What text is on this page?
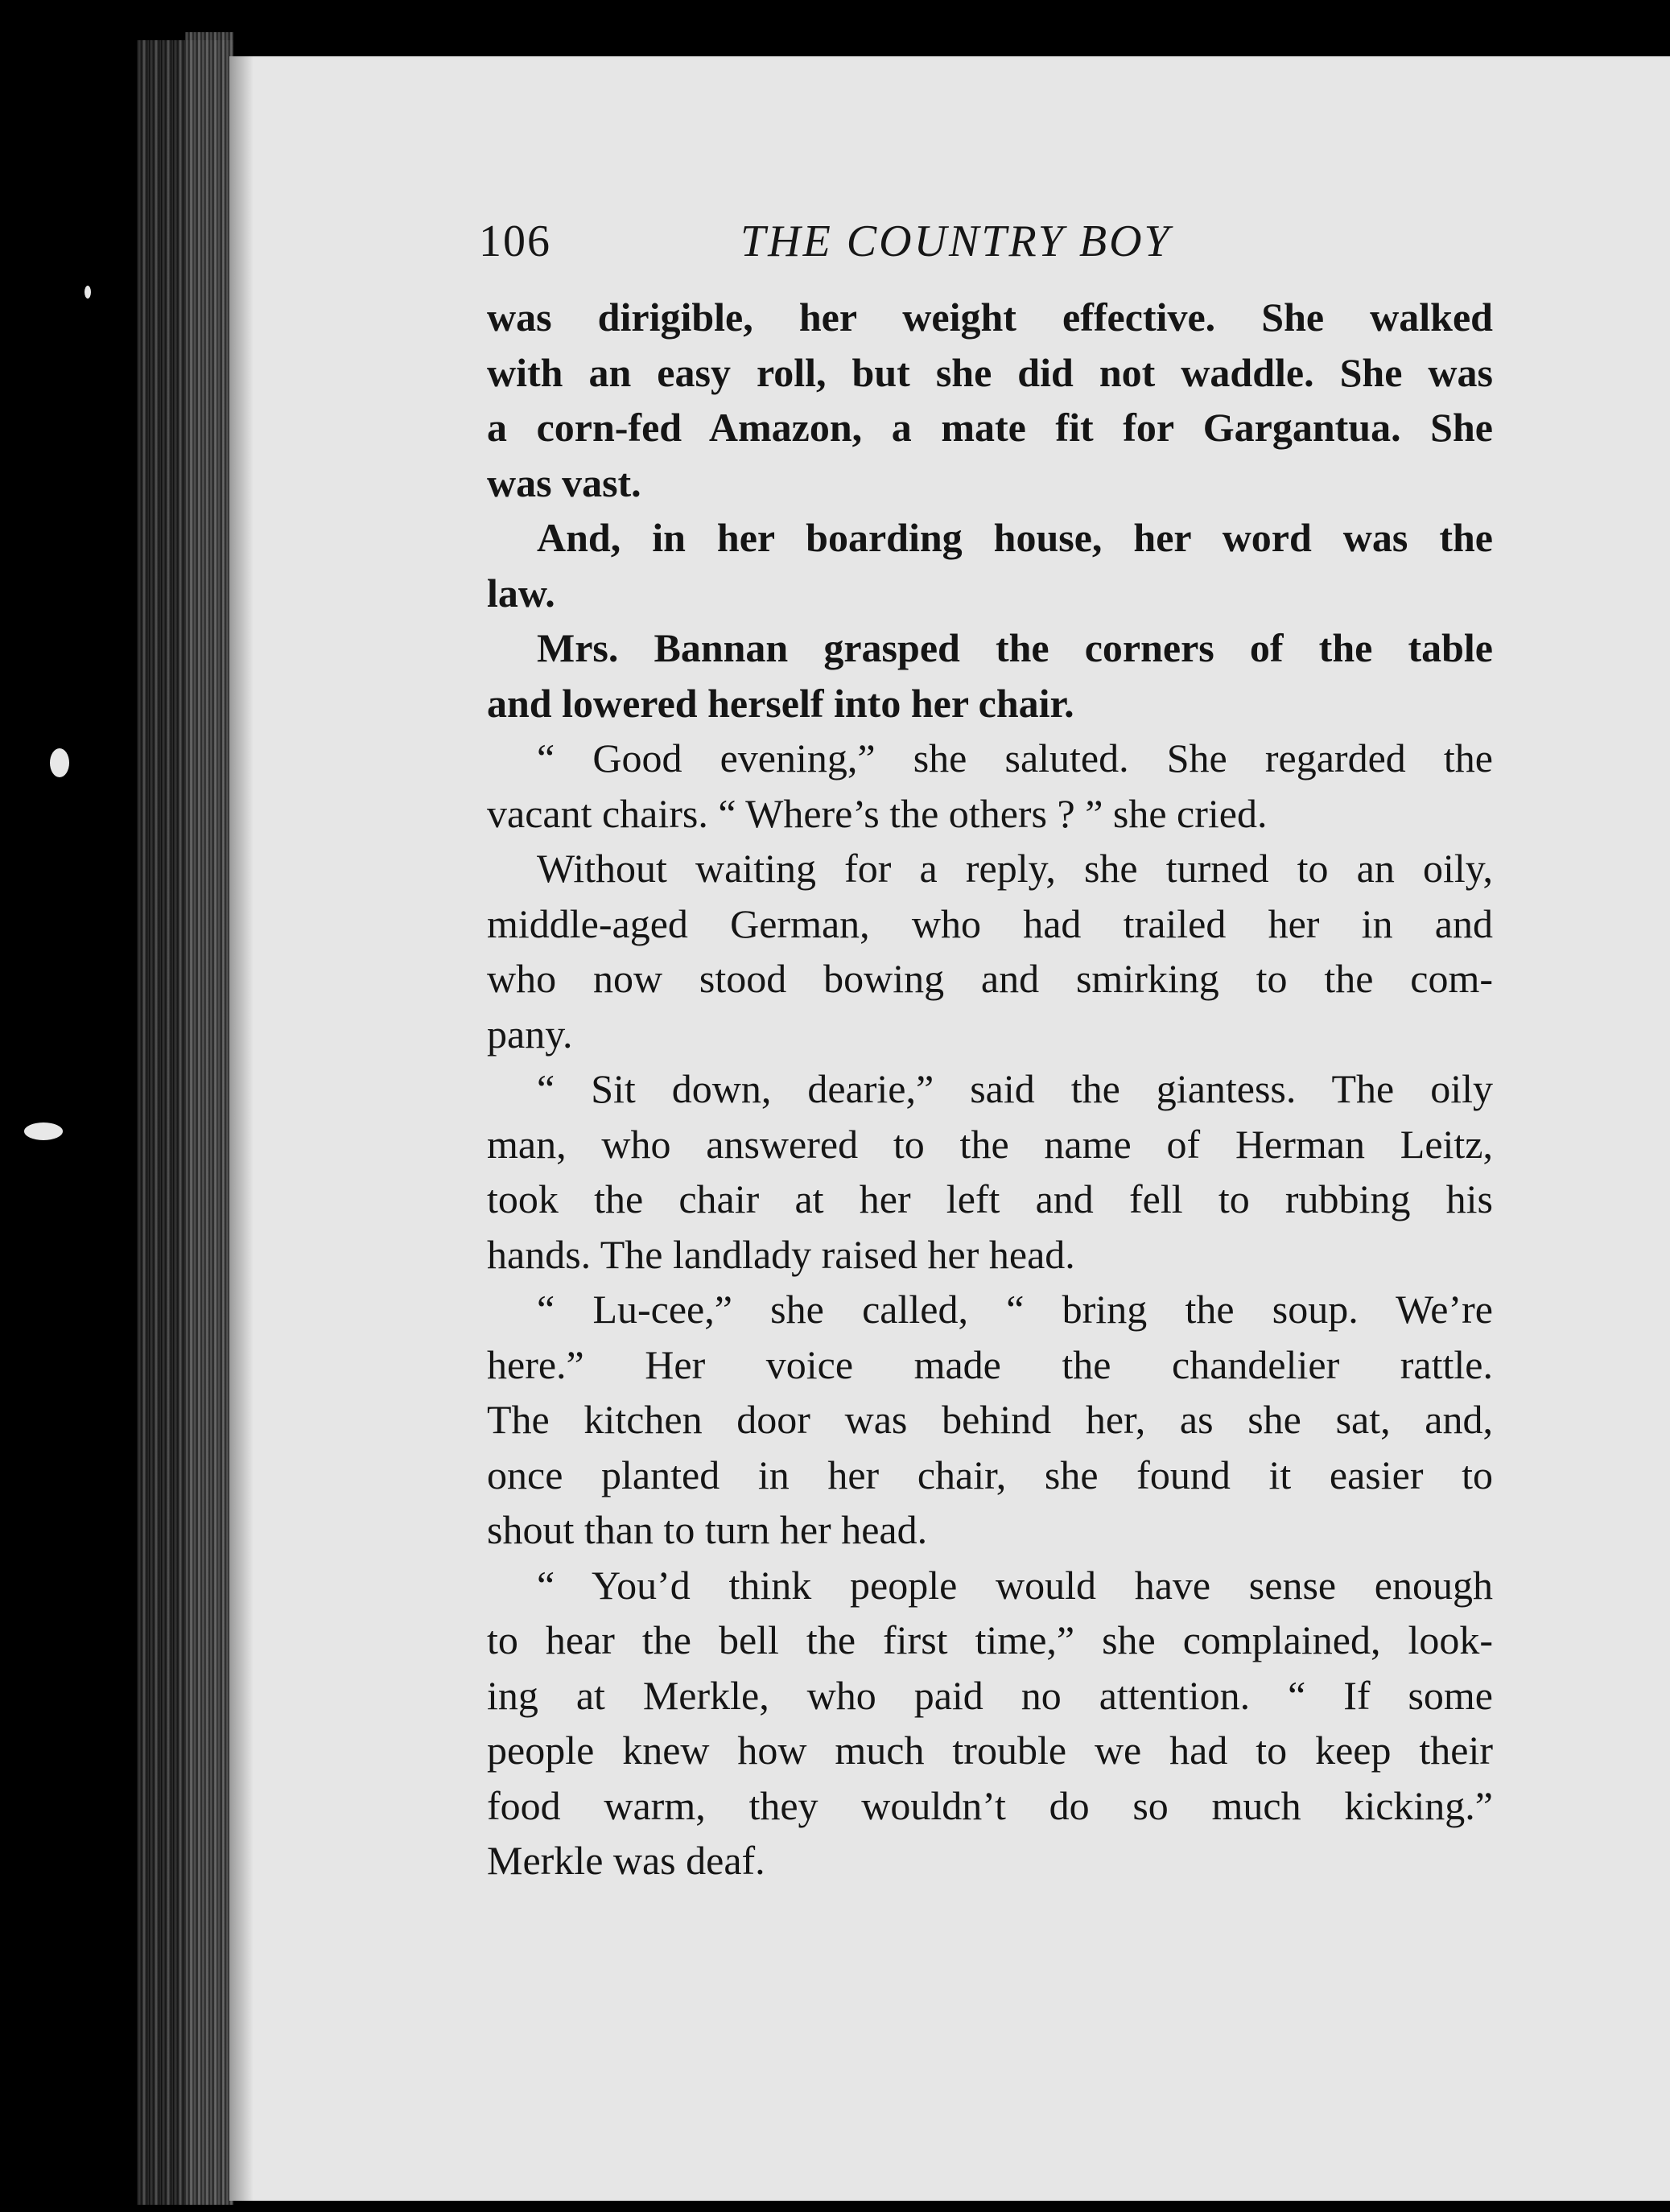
106	THE COUNTRY BOY
was dirigible, her weight effective. She walked
with an easy roll, but she did not waddle. She was
a corn-fed Amazon, a mate fit for Gargantua. She
was vast.
And, in her boarding house, her word was the
law.
Mrs. Bannan grasped the corners of the table
and lowered herself into her chair.
“ Good evening,” she saluted. She regarded the
vacant chairs. “ Where’s the others ? ” she cried.
Without waiting for a reply, she turned to an oily,
middle-aged German, who had trailed her in and
who now stood bowing and smirking to the com-
pany.
“ Sit down, dearie,” said the giantess. The oily
man, who answered to the name of Herman Leitz,
took the chair at her left and fell to rubbing his
hands. The landlady raised her head.
“ Lu-cee,” she called, “ bring the soup. We’re
here.” Her voice made the chandelier rattle.
The kitchen door was behind her, as she sat, and,
once planted in her chair, she found it easier to
shout than to turn her head.
“ You’d think people would have sense enough
to hear the bell the first time,” she complained, look-
ing at Merkle, who paid no attention. “ If some
people knew how much trouble we had to keep their
food warm, they wouldn’t do so much kicking.”
Merkle was deaf.
